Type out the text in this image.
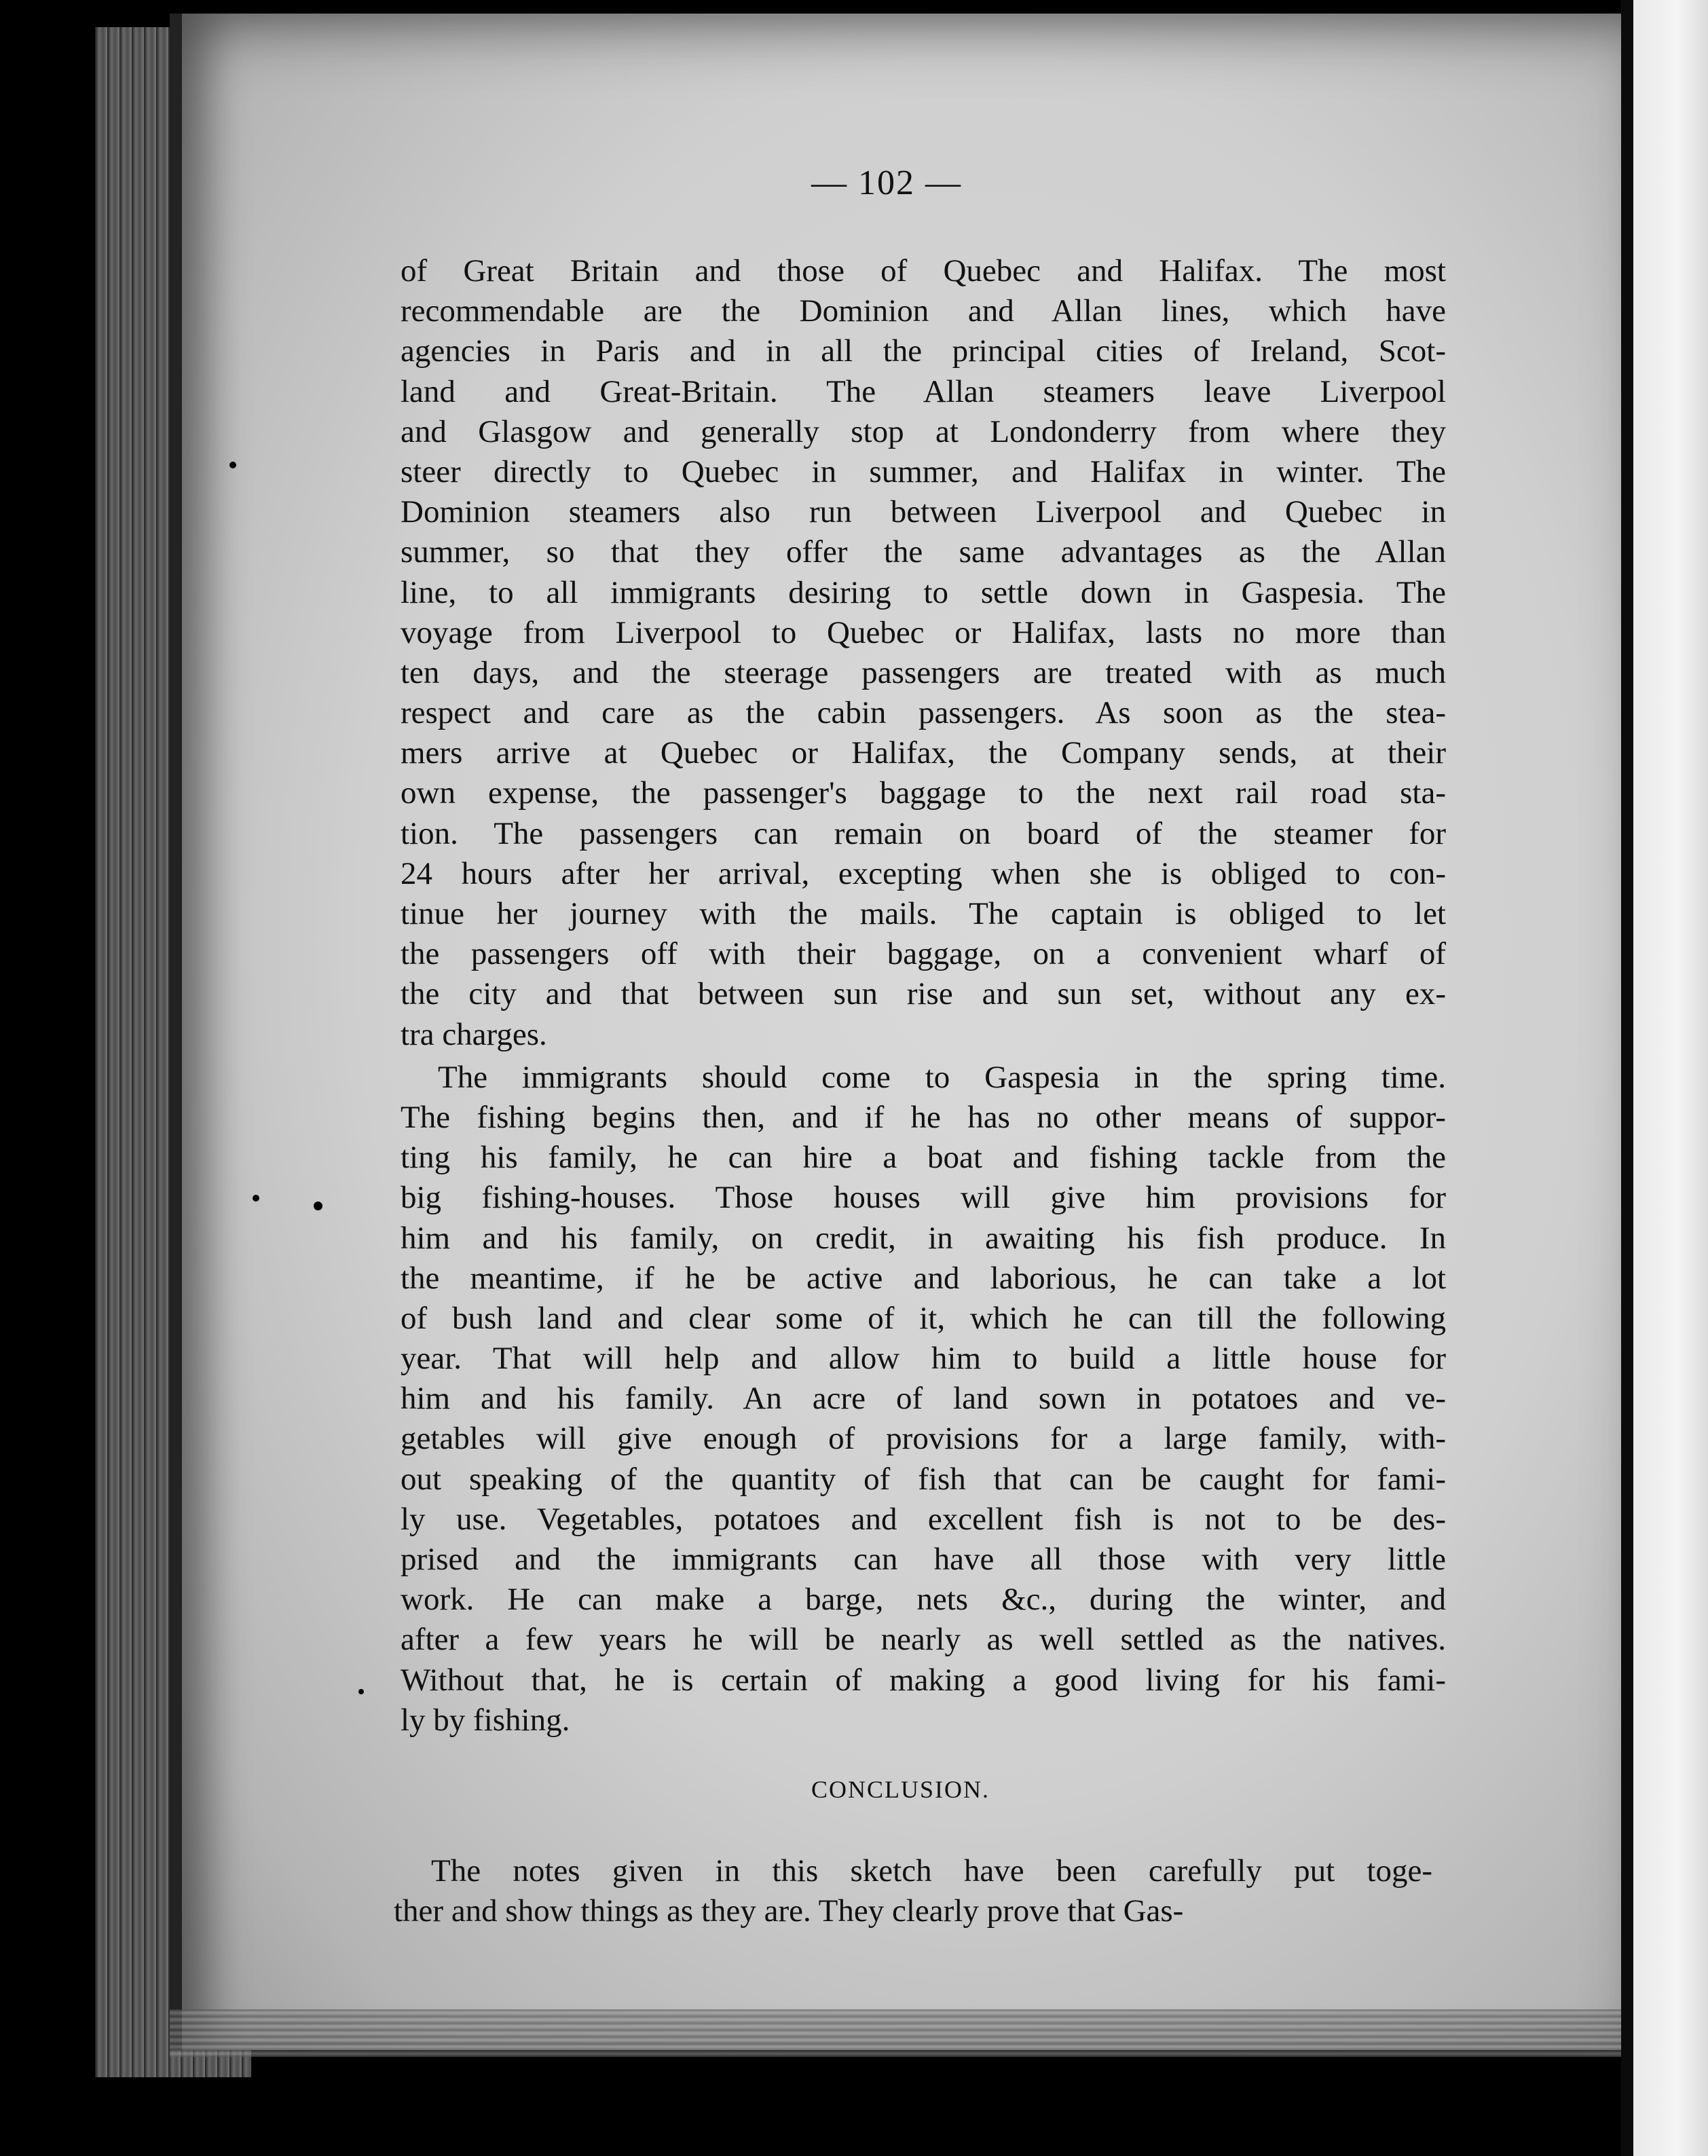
— 102 —
of Great Britain and those of Quebec and Halifax. The most
recommendable are the Dominion and Allan lines, which have
agencies in Paris and in all the principal cities of Ireland, Scot-
land and Great-Britain. The Allan steamers leave Liverpool
and Glasgow and generally stop at Londonderry from where they
steer directly to Quebec in summer, and Halifax in winter. The
Dominion steamers also run between Liverpool and Quebec in
summer, so that they offer the same advantages as the Allan
line, to all immigrants desiring to settle down in Gaspesia. The
voyage from Liverpool to Quebec or Halifax, lasts no more than
ten days, and the steerage passengers are treated with as much
respect and care as the cabin passengers. As soon as the stea-
mers arrive at Quebec or Halifax, the Company sends, at their
own expense, the passenger's baggage to the next rail road sta-
tion. The passengers can remain on board of the steamer for
24 hours after her arrival, excepting when she is obliged to con-
tinue her journey with the mails. The captain is obliged to let
the passengers off with their baggage, on a convenient wharf of
the city and that between sun rise and sun set, without any ex-
tra charges.
The immigrants should come to Gaspesia in the spring time.
The fishing begins then, and if he has no other means of suppor-
ting his family, he can hire a boat and fishing tackle from the
big fishing-houses. Those houses will give him provisions for
him and his family, on credit, in awaiting his fish produce. In
the meantime, if he be active and laborious, he can take a lot
of bush land and clear some of it, which he can till the following
year. That will help and allow him to build a little house for
him and his family. An acre of land sown in potatoes and ve-
getables will give enough of provisions for a large family, with-
out speaking of the quantity of fish that can be caught for fami-
ly use. Vegetables, potatoes and excellent fish is not to be des-
prised and the immigrants can have all those with very little
work. He can make a barge, nets &c., during the winter, and
after a few years he will be nearly as well settled as the natives.
Without that, he is certain of making a good living for his fami-
ly by fishing.
CONCLUSION.
The notes given in this sketch have been carefully put toge-
ther and show things as they are. They clearly prove that Gas-
